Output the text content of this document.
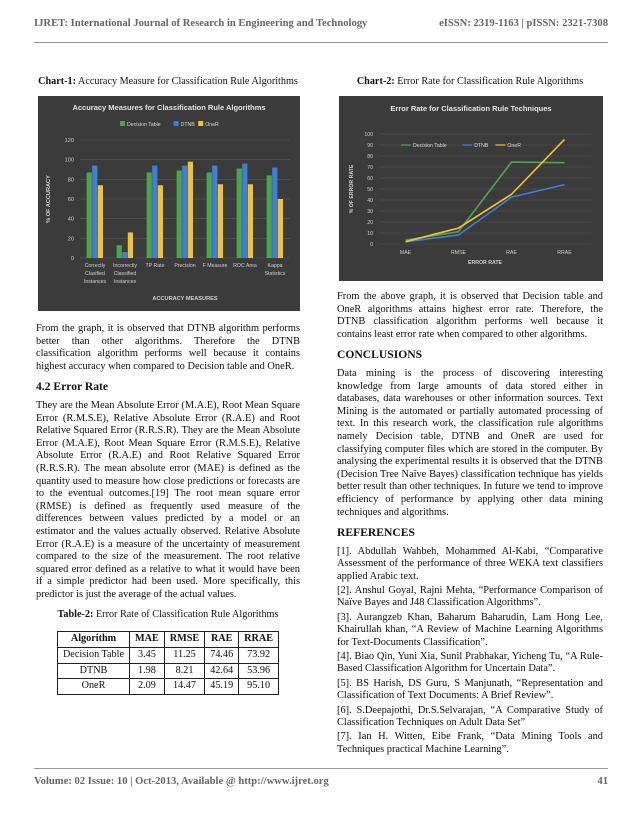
IJRET: International Journal of Research in Engineering and Technology	eISSN: 2319-1163 | pISSN: 2321-7308
Chart-1: Accuracy Measure for Classification Rule Algorithms
Accuracy Measures for Classification Rule Algorithms
Decision Table	DTNB OneR
0
20
40
60
80
100
120
% OF ACCURACY
Correctly Clasified Instances
Incorrectly Classified Instances
TP Rate Precision F Measure ROC Area	Kappa Statistics
ACCURACY MEASURES

From the graph, it is observed that DTNB algorithm performs better than other algorithms. Therefore the DTNB classification algorithm performs well because it contains highest accuracy when compared to Decision table and OneR.

4.2 Error Rate

They are the Mean Absolute Error (M.A.E), Root Mean Square Error (R.M.S.E), Relative Absolute Error (R.A.E) and Root Relative Squared Error (R.R.S.R). They are the Mean Absolute Error (M.A.E), Root Mean Square Error (R.M.S.E), Relative Absolute Error (R.A.E) and Root Relative Squared Error (R.R.S.R). The mean absolute error (MAE) is defined as the quantity used to measure how close predictions or forecasts are to the eventual outcomes.[19] The root mean square error (RMSE) is defined as frequently used measure of the differences between values predicted by a model or an estimator and the values actually observed. Relative Absolute Error (R.A.E) is a measure of the uncertainty of measurement compared to the size of the measurement. The root relative squared error defined as a relative to what it would have been if a simple predictor had been used. More specifically, this predictor is just the average of the actual values.

Table-2: Error Rate of Classification Rule Algorithms
Algorithm	MAE	RMSE	RAE	RRAE
Decision Table	3.45	11.25	74.46	73.92
DTNB	1.98	8.21	42.64	53.96
OneR	2.09	14.47	45.19	95.10
Chart-2: Error Rate for Classification Rule Algorithms
Error Rate for Classification Rule Techniques
0
10
20
30
40
50
60
70
80
90
100
% OF ERROR RATE
Decision Table	DTNB	OneR
MAE	RMSE	RAE	RRAE
ERROR RATE

From the above graph, it is observed that Decision table and OneR algorithms attains highest error rate. Therefore, the DTNB classification algorithm performs well because it contains least error rate when compared to other algorithms.

CONCLUSIONS

Data mining is the process of discovering interesting knowledge from large amounts of data stored either in databases, data warehouses or other information sources. Text Mining is the automated or partially automated processing of text. In this research work, the classification rule algorithms namely Decision table, DTNB and OneR are used for classifying computer files which are stored in the computer. By analysing the experimental results it is observed that the DTNB (Decision Tree Naïve Bayes) classification technique has yields better result than other techniques. In future we tend to improve efficiency of performance by applying other data mining techniques and algorithms.

REFERENCES

[1]. Abdullah Wahbeh, Mohammed Al-Kabi, “Comparative Assessment of the performance of three WEKA text classifiers applied Arabic text.

[2]. Anshul Goyal, Rajni Mehta, “Performance Comparison of Naïve Bayes and J48 Classification Algorithms”.

[3]. Aurangzeb Khan, Baharum Baharudin, Lam Hong Lee, Khairullah khan, “A Review of Machine Learning Algorithms for Text-Documents Classification”.

[4]. Biao Qin, Yuni Xia, Sunil Prabhakar, Yicheng Tu, “A Rule-Based Classification Algorithm for Uncertain Data”.

[5]. BS Harish, DS Guru, S Manjunath, “Representation and Classification of Text Documents: A Brief Review”.

[6]. S.Deepajothi, Dr.S.Selvarajan, “A Comparative Study of Classification Techniques on Adult Data Set”

[7]. Ian H. Witten, Eibe Frank, “Data Mining Tools and Techniques practical Machine Learning”.

Volume: 02 Issue: 10 | Oct-2013, Available @ http://www.ijret.org	41
